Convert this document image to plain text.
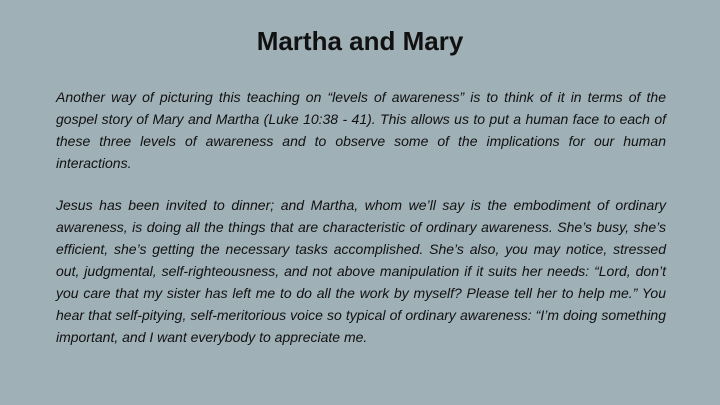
Martha and Mary

Another way of picturing this teaching on “levels of awareness” is to think of it in terms of the gospel story of Mary and Martha (Luke 10:38 - 41). This allows us to put a human face to each of these three levels of awareness and to observe some of the implications for our human interactions.

Jesus has been invited to dinner; and Martha, whom we’ll say is the embodiment of ordinary awareness, is doing all the things that are characteristic of ordinary awareness. She’s busy, she’s efficient, she’s getting the necessary tasks accomplished. She’s also, you may notice, stressed out, judgmental, self-righteousness, and not above manipulation if it suits her needs: “Lord, don’t you care that my sister has left me to do all the work by myself? Please tell her to help me.” You hear that self-pitying, self-meritorious voice so typical of ordinary awareness: “I’m doing something important, and I want everybody to appreciate me.
